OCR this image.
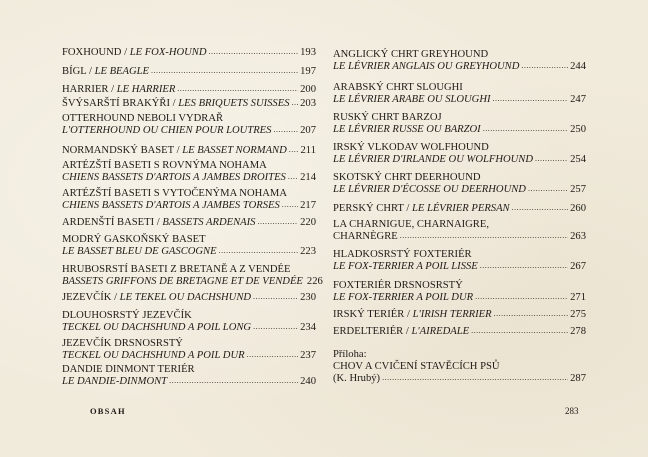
FOXHOUND / LE FOX-HOUND .....	193
BÍGL / LE BEAGLE .....	197
HARRIER / LE HARRIER .....	200
ŠVÝSARŠTÍ BRAKÝŘI / LES BRIQUETS SUISSES ..... 203
OTTERHOUND NEBOLI VYDRAŘ
L'OTTERHOUND OU CHIEN POUR LOUTRES .....	207
NORMANDSKÝ BASET / LE BASSET NORMAND ..... 211
ARTÉZŠTÍ BASETI S ROVNÝMA NOHAMA
CHIENS BASSETS D'ARTOIS A JAMBES DROITES ..... 214
ARTÉZŠTÍ BASETI S VYTOČENÝMA NOHAMA
CHIENS BASSETS D'ARTOIS A JAMBES TORSES ..... 217
ARDENŠTÍ BASETI / BASSETS ARDENAIS .....	220
MODRÝ GASKOŇSKÝ BASET
LE BASSET BLEU DE GASCOGNE .....	223
HRUBOSRSTÍ BASETI Z BRETANĚ A Z VENDÉE
BASSETS GRIFFONS DE BRETAGNE ET DE VENDÉE 226
JEZEVČÍK / LE TEKEL OU DACHSHUND .....	230
DLOUHOSRSTÝ JEZEVČÍK
TECKEL OU DACHSHUND A POIL LONG .....	234
JEZEVČÍK DRSNOSRSTÝ
TECKEL OU DACHSHUND A POIL DUR .....	237
DANDIE DINMONT TERIÉR
LE DANDIE-DINMONT .....	240
ANGLICKÝ CHRT GREYHOUND
LE LÉVRIER ANGLAIS OU GREYHOUND .....	244
ARABSKÝ CHRT SLOUGHI
LE LÉVRIER ARABE OU SLOUGHI .....	247
RUSKÝ CHRT BARZOJ
LE LÉVRIER RUSSE OU BARZOI .....	250
IRSKÝ VLKODAV WOLFHOUND
LE LÉVRIER D'IRLANDE OU WOLFHOUND .....	254
SKOTSKÝ CHRT DEERHOUND
LE LÉVRIER D'ÉCOSSE OU DEERHOUND .....	257
PERSKÝ CHRT / LE LÉVRIER PERSAN .....	260
LA CHARNIGUE, CHARNAIGRE,
CHARNÈGRE .....	263
HLADKOSRSTÝ FOXTERIÉR
LE FOX-TERRIER A POIL LISSE .....	267
FOXTERIÉR DRSNOSRSTÝ
LE FOX-TERRIER A POIL DUR .....	271
IRSKÝ TERIÉR / L'IRISH TERRIER .....	275
ERDELTERIÉR / L'AIREDALE .....	278
Příloha:
CHOV A CVIČENÍ STAVĚCÍCH PSŮ
(K. Hrubý) .....	287
OBSAH	283
